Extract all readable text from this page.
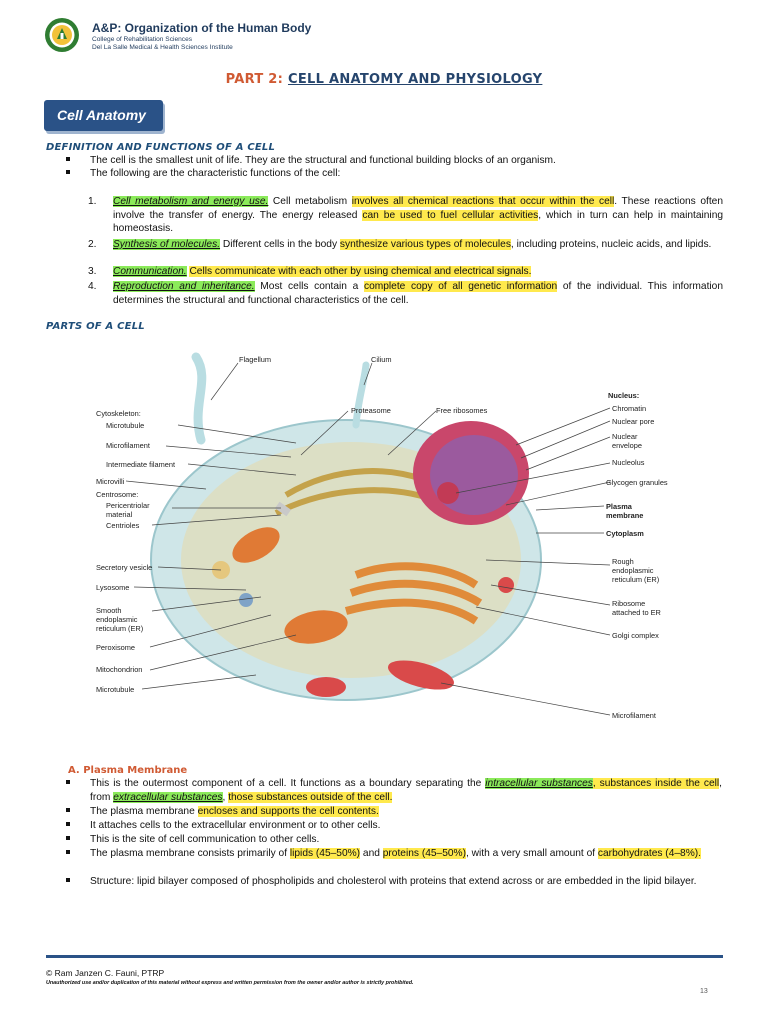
A&P: Organization of the Human Body
College of Rehabilitation Sciences
Del La Salle Medical & Health Sciences Institute
PART 2: CELL ANATOMY AND PHYSIOLOGY
Cell Anatomy
DEFINITION AND FUNCTIONS OF A CELL
The cell is the smallest unit of life. They are the structural and functional building blocks of an organism.
The following are the characteristic functions of the cell:
1. Cell metabolism and energy use. Cell metabolism involves all chemical reactions that occur within the cell. These reactions often involve the transfer of energy. The energy released can be used to fuel cellular activities, which in turn can help in maintaining homeostasis.
2. Synthesis of molecules. Different cells in the body synthesize various types of molecules, including proteins, nucleic acids, and lipids.
3. Communication. Cells communicate with each other by using chemical and electrical signals.
4. Reproduction and inheritance. Most cells contain a complete copy of all genetic information of the individual. This information determines the structural and functional characteristics of the cell.
PARTS OF A CELL
Flagellum	Cilium
Proteasome	Free ribosomes
Cytoskeleton:
Microtubule
Microfilament
Intermediate filament
Microvilli
Centrosome:
Pericentriolar
material
Centrioles
Secretory vesicle
Lysosome
Smooth
endoplasmic
reticulum (ER)
Peroxisome
Mitochondrion
Microtubule
Nucleus:
Chromatin
Nuclear pore
Nuclear
envelope
Nucleolus
Glycogen granules
Plasma
membrane
Cytoplasm
Rough
endoplasmic
reticulum (ER)
Ribosome
attached to ER
Golgi complex
Microfilament
A. Plasma Membrane
This is the outermost component of a cell. It functions as a boundary separating the intracellular substances, substances inside the cell, from extracellular substances, those substances outside of the cell.
The plasma membrane encloses and supports the cell contents.
It attaches cells to the extracellular environment or to other cells.
This is the site of cell communication to other cells.
The plasma membrane consists primarily of lipids (45–50%) and proteins (45–50%), with a very small amount of carbohydrates (4–8%).
Structure: lipid bilayer composed of phospholipids and cholesterol with proteins that extend across or are embedded in the lipid bilayer.
© Ram Janzen C. Fauni, PTRP
Unauthorized use and/or duplication of this material without express and written permission from the owner and/or author is strictly prohibited.
13
